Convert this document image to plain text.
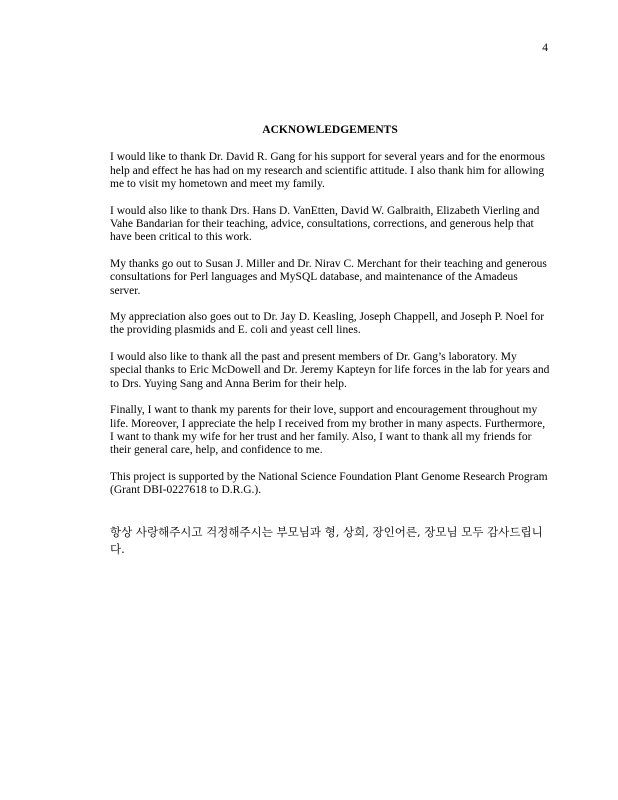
4
ACKNOWLEDGEMENTS

I would like to thank Dr. David R. Gang for his support for several years and for the enormous help and effect he has had on my research and scientific attitude. I also thank him for allowing me to visit my hometown and meet my family.

I would also like to thank Drs. Hans D. VanEtten, David W. Galbraith, Elizabeth Vierling and Vahe Bandarian for their teaching, advice, consultations, corrections, and generous help that have been critical to this work.

My thanks go out to Susan J. Miller and Dr. Nirav C. Merchant for their teaching and generous consultations for Perl languages and MySQL database, and maintenance of the Amadeus server.

My appreciation also goes out to Dr. Jay D. Keasling, Joseph Chappell, and Joseph P. Noel for the providing plasmids and E. coli and yeast cell lines.

I would also like to thank all the past and present members of Dr. Gang’s laboratory. My special thanks to Eric McDowell and Dr. Jeremy Kapteyn for life forces in the lab for years and to Drs. Yuying Sang and Anna Berim for their help.

Finally, I want to thank my parents for their love, support and encouragement throughout my life. Moreover, I appreciate the help I received from my brother in many aspects. Furthermore, I want to thank my wife for her trust and her family. Also, I want to thank all my friends for their general care, help, and confidence to me.

This project is supported by the National Science Foundation Plant Genome Research Program (Grant DBI-0227618 to D.R.G.).

항상 사랑해주시고 걱정해주시는 부모님과 형, 상희, 장인어른, 장모님 모두 감사드립니다.
